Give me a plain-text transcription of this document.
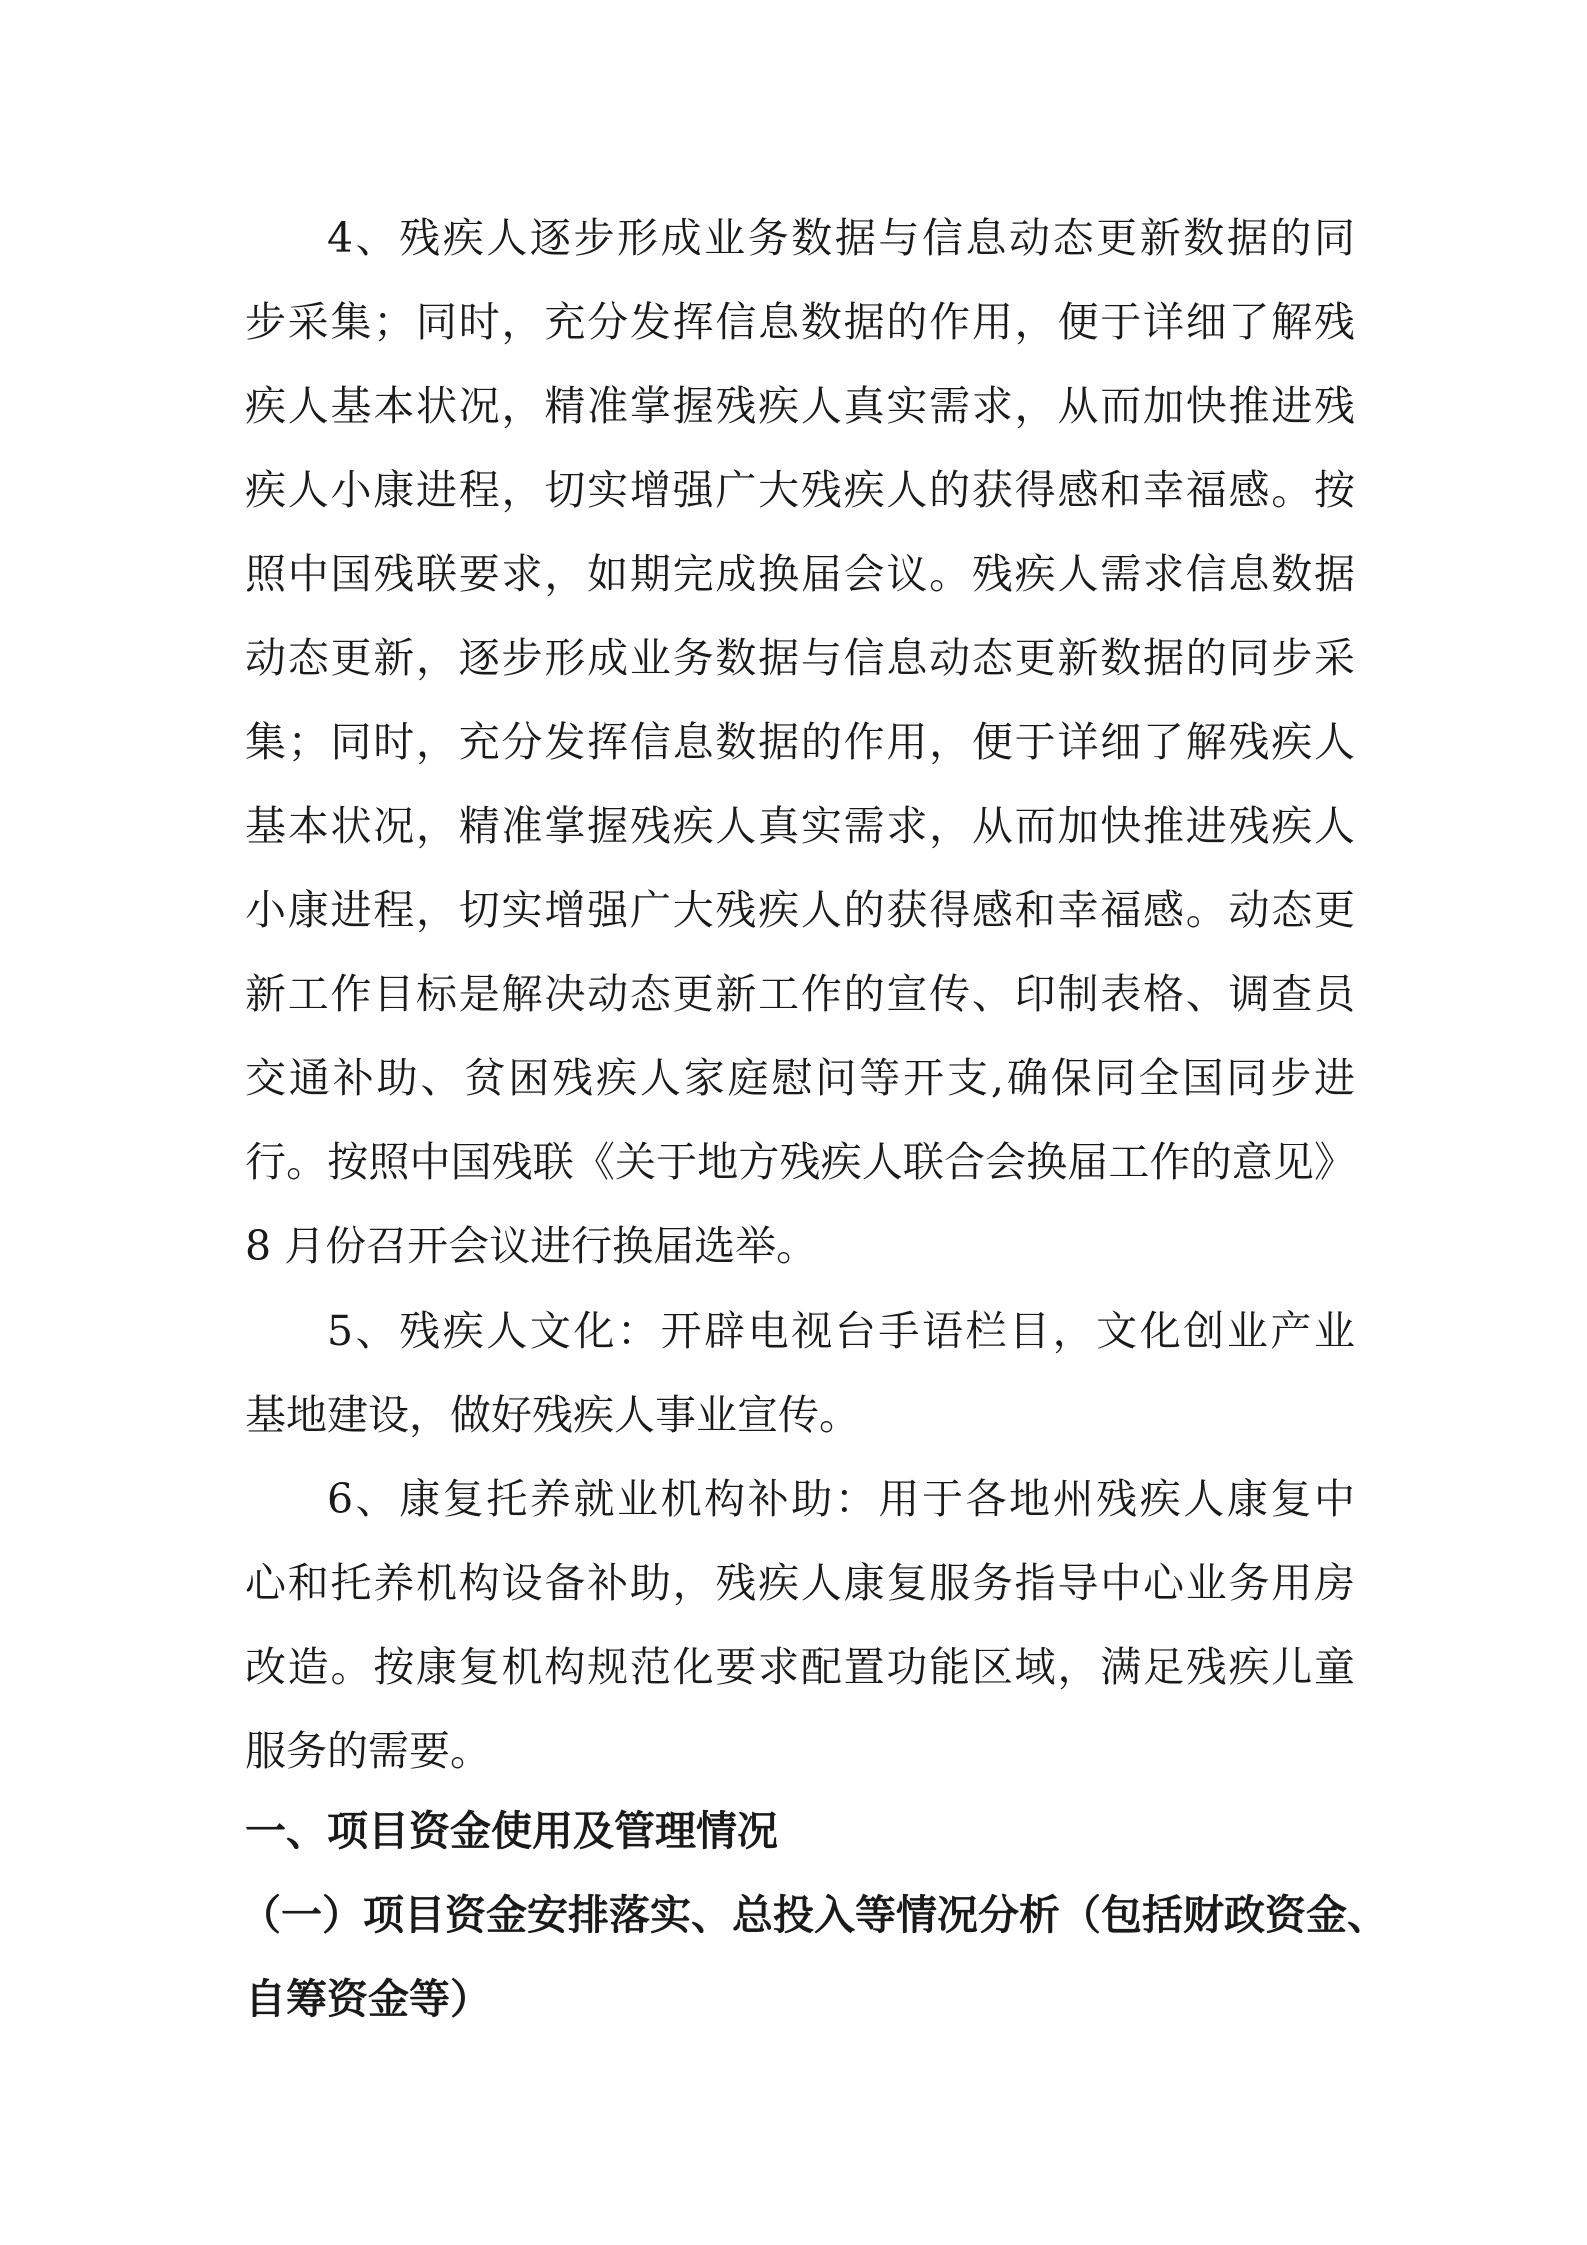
4、残疾人逐步形成业务数据与信息动态更新数据的同
步采集；同时，充分发挥信息数据的作用，便于详细了解残
疾人基本状况，精准掌握残疾人真实需求，从而加快推进残
疾人小康进程，切实增强广大残疾人的获得感和幸福感。按
照中国残联要求，如期完成换届会议。残疾人需求信息数据
动态更新，逐步形成业务数据与信息动态更新数据的同步采
集；同时，充分发挥信息数据的作用，便于详细了解残疾人
基本状况，精准掌握残疾人真实需求，从而加快推进残疾人
小康进程，切实增强广大残疾人的获得感和幸福感。动态更
新工作目标是解决动态更新工作的宣传、印制表格、调查员
交通补助、贫困残疾人家庭慰问等开支,确保同全国同步进
行。按照中国残联《关于地方残疾人联合会换届工作的意见》
8 月份召开会议进行换届选举。
5、残疾人文化：开辟电视台手语栏目，文化创业产业
基地建设，做好残疾人事业宣传。
6、康复托养就业机构补助：用于各地州残疾人康复中
心和托养机构设备补助，残疾人康复服务指导中心业务用房
改造。按康复机构规范化要求配置功能区域，满足残疾儿童
服务的需要。
一、项目资金使用及管理情况
（一）项目资金安排落实、总投入等情况分析（包括财政资金、
自筹资金等）
